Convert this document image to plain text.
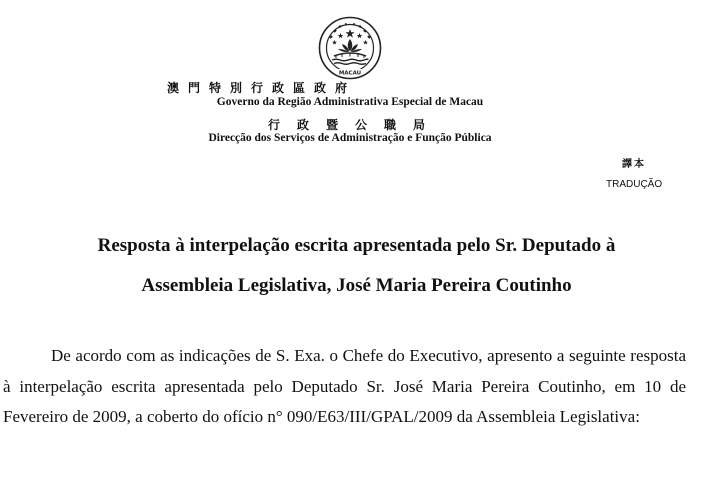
MACAU

澳 門 特 別 行 政 區 政 府

Governo da Região Administrativa Especial de Macau

行 政 暨 公 職 局

Direcção dos Serviços de Administração e Função Pública

譯本
TRADUÇÃO
Resposta à interpelação escrita apresentada pelo Sr. Deputado à
Assembleia Legislativa, José Maria Pereira Coutinho

De acordo com as indicações de S. Exa. o Chefe do Executivo, apresento a seguinte resposta à interpelação escrita apresentada pelo Deputado Sr. José Maria Pereira Coutinho, em 10 de Fevereiro de 2009, a coberto do ofício n° 090/E63/III/GPAL/2009 da Assembleia Legislativa:
